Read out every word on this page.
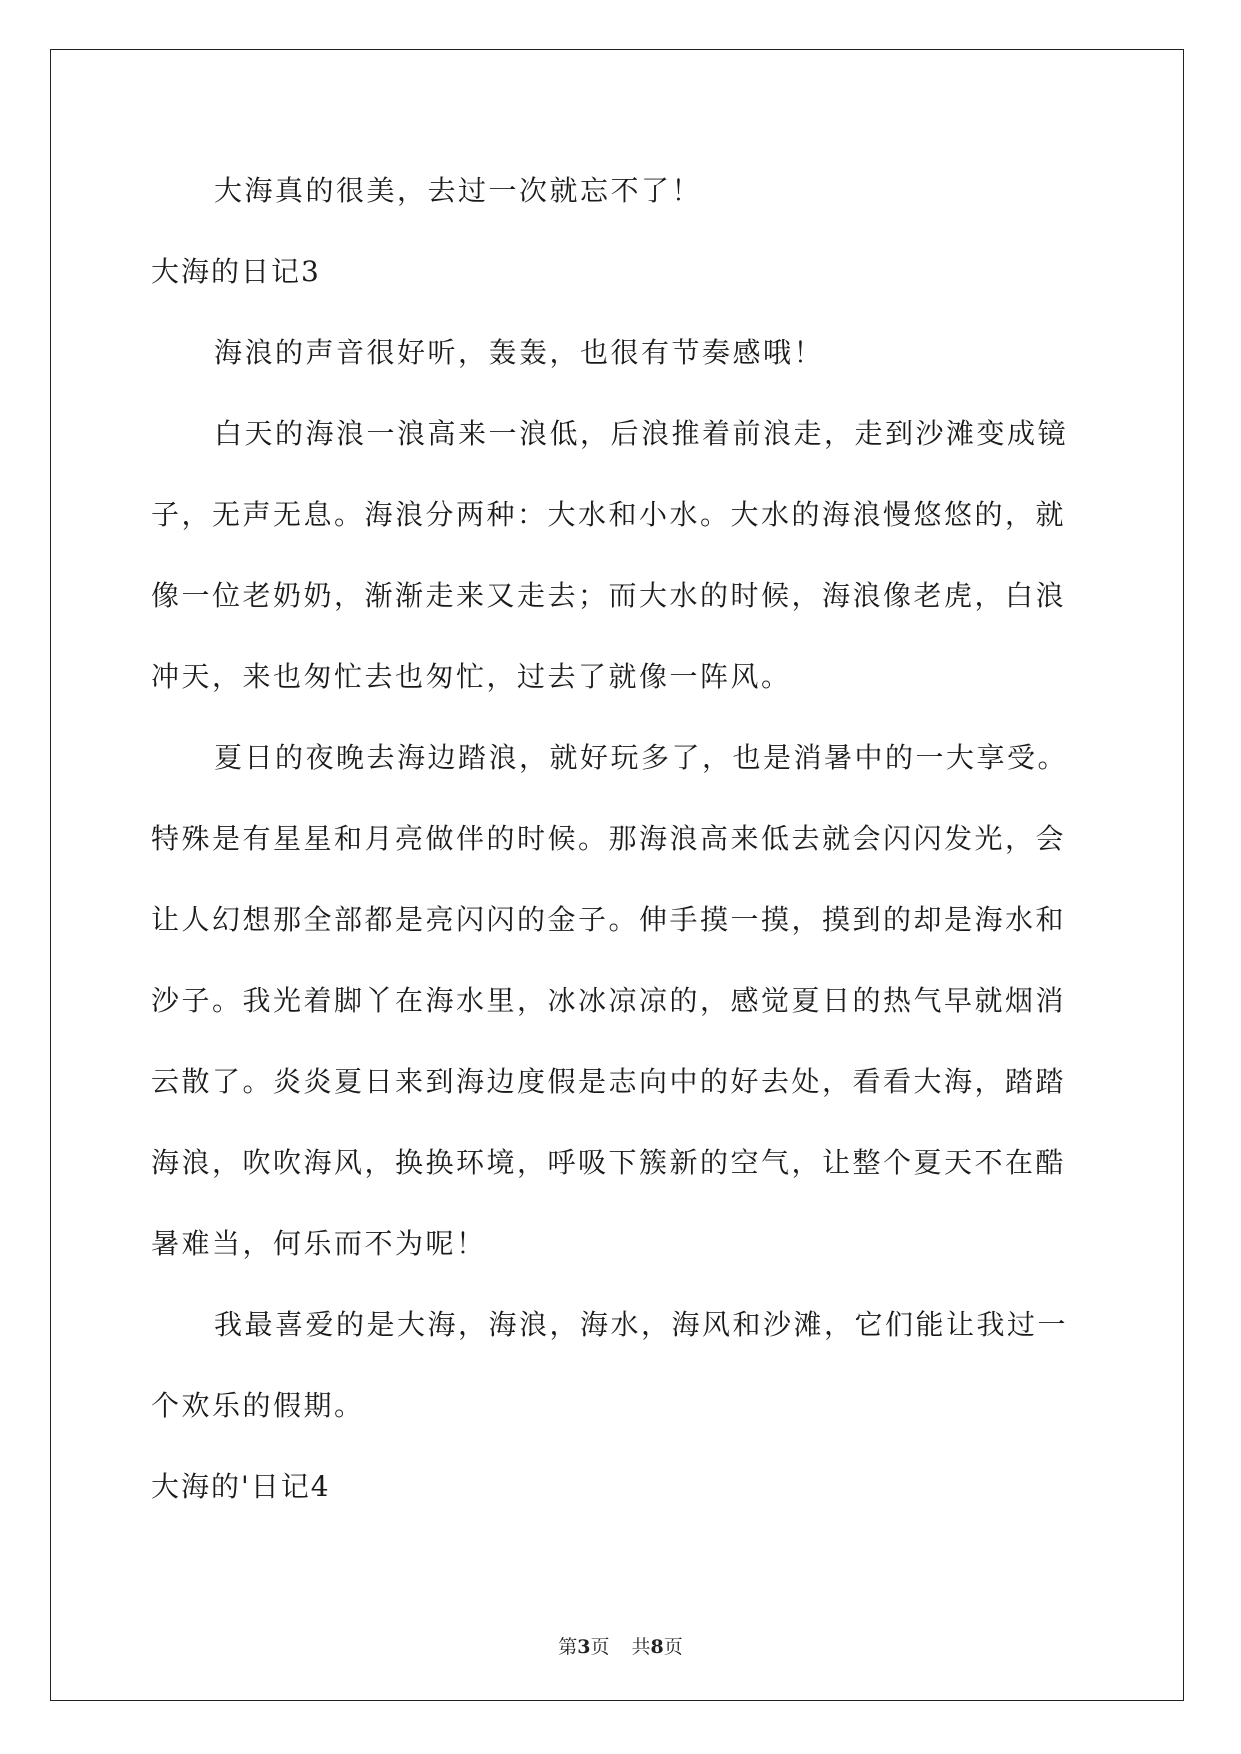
大海真的很美，去过一次就忘不了！
大海的日记3
海浪的声音很好听，轰轰，也很有节奏感哦！
白天的海浪一浪高来一浪低，后浪推着前浪走，走到沙滩变成镜
子，无声无息。海浪分两种：大水和小水。大水的海浪慢悠悠的，就
像一位老奶奶，渐渐走来又走去；而大水的时候，海浪像老虎，白浪
冲天，来也匆忙去也匆忙，过去了就像一阵风。
夏日的夜晚去海边踏浪，就好玩多了，也是消暑中的一大享受。
特殊是有星星和月亮做伴的时候。那海浪高来低去就会闪闪发光，会
让人幻想那全部都是亮闪闪的金子。伸手摸一摸，摸到的却是海水和
沙子。我光着脚丫在海水里，冰冰凉凉的，感觉夏日的热气早就烟消
云散了。炎炎夏日来到海边度假是志向中的好去处，看看大海，踏踏
海浪，吹吹海风，换换环境，呼吸下簇新的空气，让整个夏天不在酷
暑难当，何乐而不为呢！
我最喜爱的是大海，海浪，海水，海风和沙滩，它们能让我过一
个欢乐的假期。
大海的'日记4
第3页 共8页
